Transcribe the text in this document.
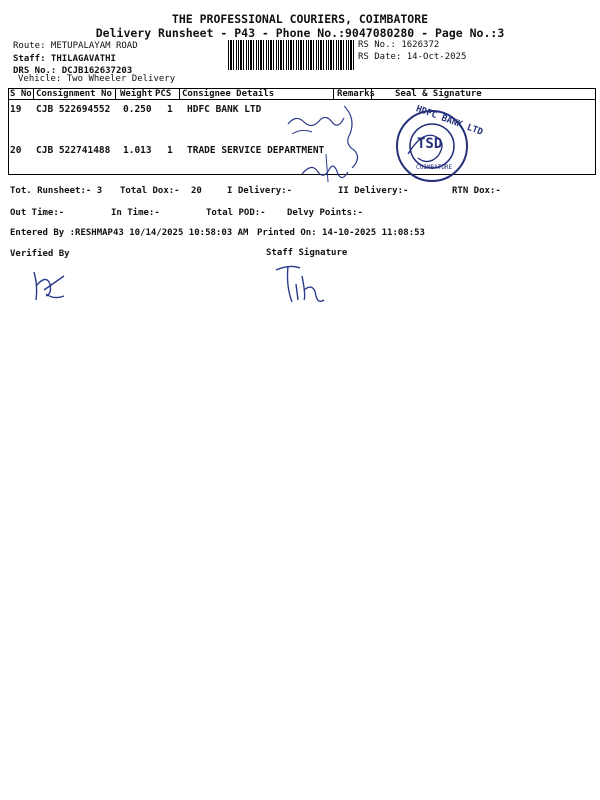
THE PROFESSIONAL COURIERS, COIMBATORE
Delivery Runsheet - P43 - Phone No.:9047080280 - Page No.:3
Route: METUPALAYAM ROAD
Staff: THILAGAVATHI
DRS No.: DCJB162637203
Vehicle: Two Wheeler Delivery
RS No.: 1626372
RS Date: 14-Oct-2025
S No Consignment No Weight PCS Consignee Details	Remarks Seal & Signature
19 CJB 522694552 0.250 1 HDFC BANK LTD
20 CJB 522741488 1.013 1 TRADE SERVICE DEPARTMENT
HDFC BANK LTD
TSD
COIMBATORE
Tot. Runsheet:- 3 Total Dox:- 20	I Delivery:-	II Delivery:-	RTN Dox:-
Out Time:-	In Time:-	Total POD:- Delvy Points:-
Entered By :RESHMAP43 10/14/2025 10:58:03 AM Printed On: 14-10-2025 11:08:53
Verified By	Staff Signature
